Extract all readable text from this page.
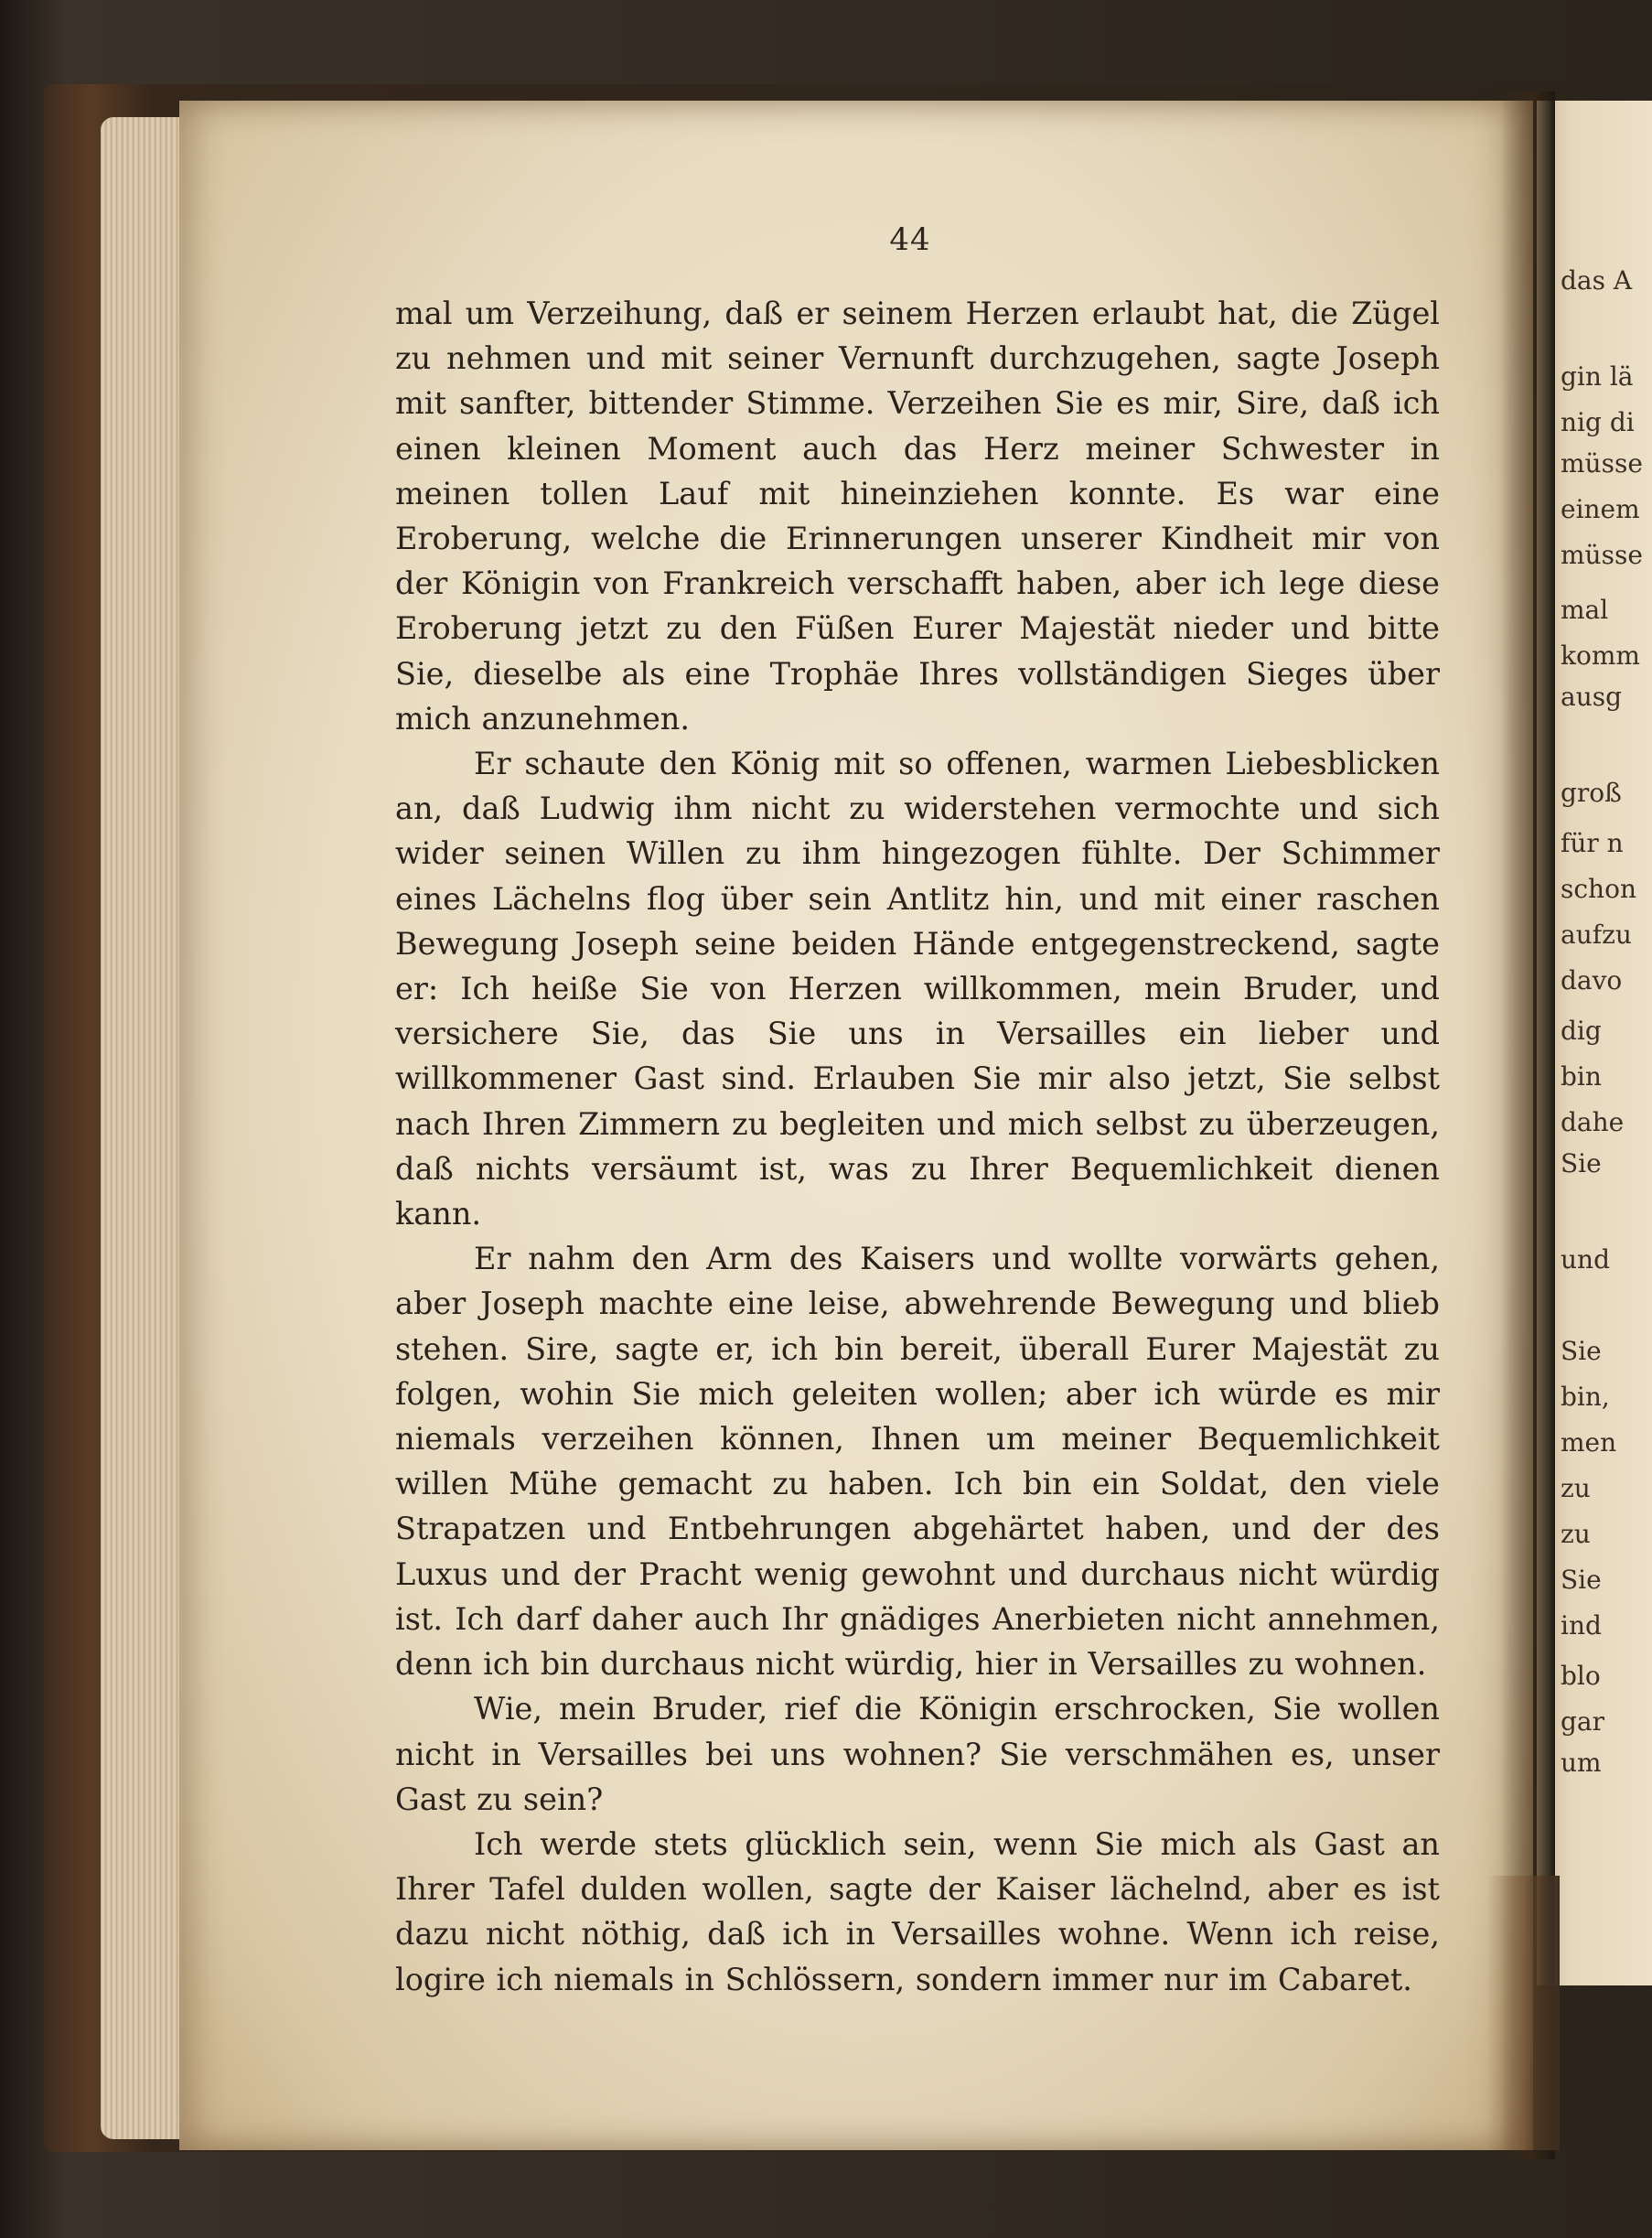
das A
gin lä
nig di
müsse
einem
müsse
mal
komm
ausg
groß
für n
schon
aufzu
davo
dig
bin
dahe
Sie
und
Sie
bin,
men
zu
zu
Sie
ind
blo
gar
um
44

mal um Verzeihung, daß er seinem Herzen erlaubt hat, die Zügel zu nehmen und mit seiner Vernunft durchzugehen, sagte Joseph mit sanfter, bittender Stimme. Verzeihen Sie es mir, Sire, daß ich einen kleinen Moment auch das Herz meiner Schwester in meinen tollen Lauf mit hineinziehen konnte. Es war eine Eroberung, welche die Erinnerungen unserer Kindheit mir von der Königin von Frankreich verschafft haben, aber ich lege diese Eroberung jetzt zu den Füßen Eurer Majestät nieder und bitte Sie, dieselbe als eine Trophäe Ihres vollständigen Sieges über mich anzunehmen.

Er schaute den König mit so offenen, warmen Liebesblicken an, daß Ludwig ihm nicht zu widerstehen vermochte und sich wider seinen Willen zu ihm hingezogen fühlte. Der Schimmer eines Lächelns flog über sein Antlitz hin, und mit einer raschen Bewegung Joseph seine beiden Hände entgegenstreckend, sagte er: Ich heiße Sie von Herzen willkommen, mein Bruder, und versichere Sie, das Sie uns in Versailles ein lieber und willkommener Gast sind. Erlauben Sie mir also jetzt, Sie selbst nach Ihren Zimmern zu begleiten und mich selbst zu überzeugen, daß nichts versäumt ist, was zu Ihrer Bequemlichkeit dienen kann.

Er nahm den Arm des Kaisers und wollte vorwärts gehen, aber Joseph machte eine leise, abwehrende Bewegung und blieb stehen. Sire, sagte er, ich bin bereit, überall Eurer Majestät zu folgen, wohin Sie mich geleiten wollen; aber ich würde es mir niemals verzeihen können, Ihnen um meiner Bequemlichkeit willen Mühe gemacht zu haben. Ich bin ein Soldat, den viele Strapatzen und Entbehrungen abgehärtet haben, und der des Luxus und der Pracht wenig gewohnt und durchaus nicht würdig ist. Ich darf daher auch Ihr gnädiges Anerbieten nicht annehmen, denn ich bin durchaus nicht würdig, hier in Versailles zu wohnen.

Wie, mein Bruder, rief die Königin erschrocken, Sie wollen nicht in Versailles bei uns wohnen? Sie verschmähen es, unser Gast zu sein?

Ich werde stets glücklich sein, wenn Sie mich als Gast an Ihrer Tafel dulden wollen, sagte der Kaiser lächelnd, aber es ist dazu nicht nöthig, daß ich in Versailles wohne. Wenn ich reise, logire ich niemals in Schlössern, sondern immer nur im Cabaret.
